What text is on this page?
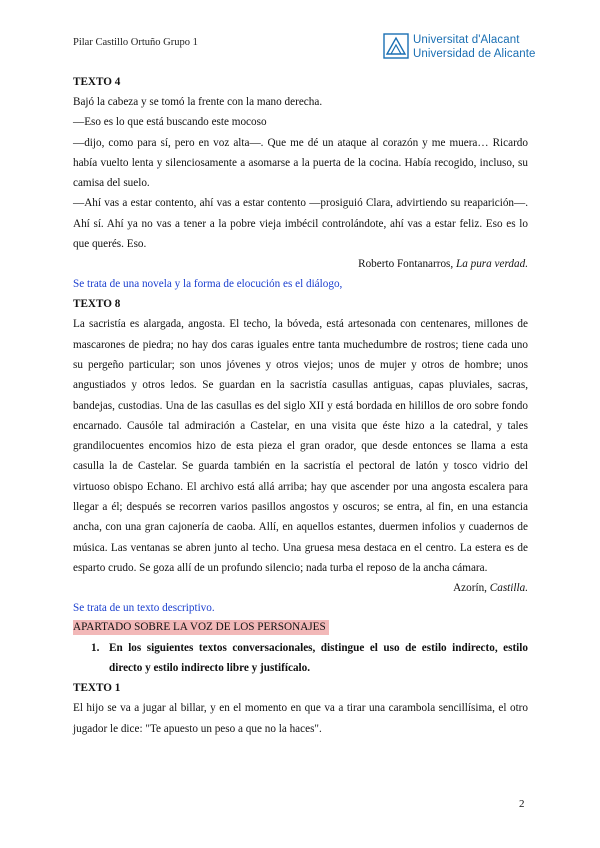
Pilar Castillo Ortuño Grupo 1	Universitat d'Alacant
Universidad de Alicante

TEXTO 4

Bajó la cabeza y se tomó la frente con la mano derecha.

—Eso es lo que está buscando este mocoso

—dijo, como para sí, pero en voz alta—. Que me dé un ataque al corazón y me muera… Ricardo había vuelto lenta y silenciosamente a asomarse a la puerta de la cocina. Había recogido, incluso, su camisa del suelo.

—Ahí vas a estar contento, ahí vas a estar contento —prosiguió Clara, advirtiendo su reaparición—. Ahí sí. Ahí ya no vas a tener a la pobre vieja imbécil controlándote, ahí vas a estar feliz. Eso es lo que querés. Eso.

Roberto Fontanarros, La pura verdad.

Se trata de una novela y la forma de elocución es el diálogo,

TEXTO 8

La sacristía es alargada, angosta. El techo, la bóveda, está artesonada con centenares, millones de mascarones de piedra; no hay dos caras iguales entre tanta muchedumbre de rostros; tiene cada uno su pergeño particular; son unos jóvenes y otros viejos; unos de mujer y otros de hombre; unos angustiados y otros ledos. Se guardan en la sacristía casullas antiguas, capas pluviales, sacras, bandejas, custodias. Una de las casullas es del siglo XII y está bordada en hilillos de oro sobre fondo encarnado. Causóle tal admiración a Castelar, en una visita que éste hizo a la catedral, y tales grandilocuentes encomios hizo de esta pieza el gran orador, que desde entonces se llama a esta casulla la de Castelar. Se guarda también en la sacristía el pectoral de latón y tosco vidrio del virtuoso obispo Echano. El archivo está allá arriba; hay que ascender por una angosta escalera para llegar a él; después se recorren varios pasillos angostos y oscuros; se entra, al fin, en una estancia ancha, con una gran cajonería de caoba. Allí, en aquellos estantes, duermen infolios y cuadernos de música. Las ventanas se abren junto al techo. Una gruesa mesa destaca en el centro. La estera es de esparto crudo. Se goza allí de un profundo silencio; nada turba el reposo de la ancha cámara.

Azorín, Castilla.

Se trata de un texto descriptivo.

APARTADO SOBRE LA VOZ DE LOS PERSONAJES

1. En los siguientes textos conversacionales, distingue el uso de estilo indirecto, estilo directo y estilo indirecto libre y justifícalo.

TEXTO 1

El hijo se va a jugar al billar, y en el momento en que va a tirar una carambola sencillísima, el otro jugador le dice: "Te apuesto un peso a que no la haces".

2
